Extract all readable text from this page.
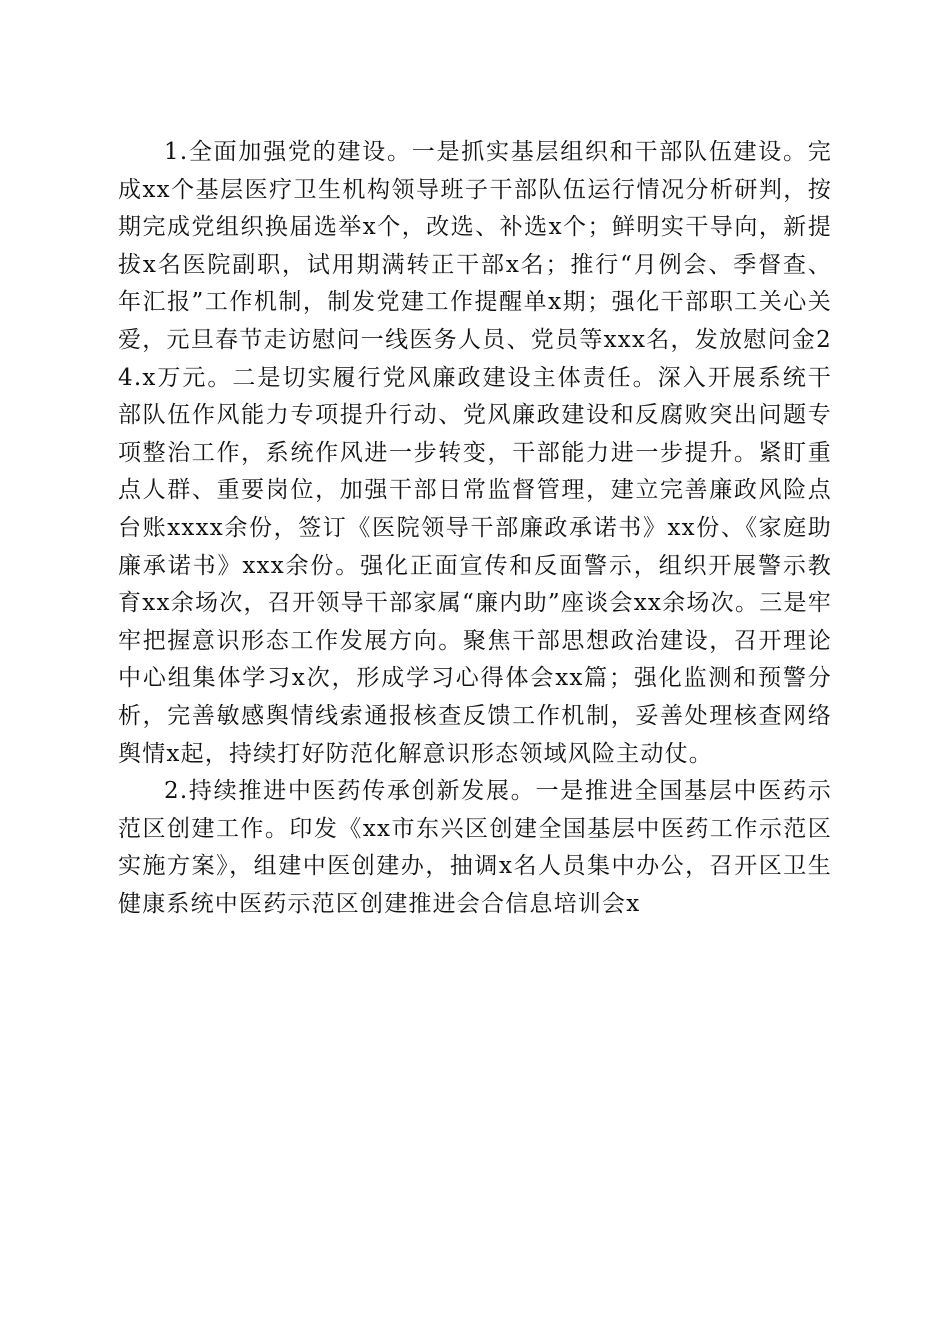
1.全面加强党的建设。一是抓实基层组织和干部队伍建设。完成xx个基层医疗卫生机构领导班子干部队伍运行情况分析研判，按期完成党组织换届选举x个，改选、补选x个；鲜明实干导向，新提拔x名医院副职，试用期满转正干部x名；推行“月例会、季督查、年汇报”工作机制，制发党建工作提醒单x期；强化干部职工关心关爱，元旦春节走访慰问一线医务人员、党员等xxx名，发放慰问金24.x万元。二是切实履行党风廉政建设主体责任。深入开展系统干部队伍作风能力专项提升行动、党风廉政建设和反腐败突出问题专项整治工作，系统作风进一步转变，干部能力进一步提升。紧盯重点人群、重要岗位，加强干部日常监督管理，建立完善廉政风险点台账xxxx余份，签订《医院领导干部廉政承诺书》xx份、《家庭助廉承诺书》xxx余份。强化正面宣传和反面警示，组织开展警示教育xx余场次，召开领导干部家属“廉内助”座谈会xx余场次。三是牢牢把握意识形态工作发展方向。聚焦干部思想政治建设，召开理论中心组集体学习x次，形成学习心得体会xx篇；强化监测和预警分析，完善敏感舆情线索通报核查反馈工作机制，妥善处理核查网络舆情x起，持续打好防范化解意识形态领域风险主动仗。

2.持续推进中医药传承创新发展。一是推进全国基层中医药示范区创建工作。印发《xx市东兴区创建全国基层中医药工作示范区实施方案》，组建中医创建办，抽调x名人员集中办公，召开区卫生健康系统中医药示范区创建推进会合信息培训会x
